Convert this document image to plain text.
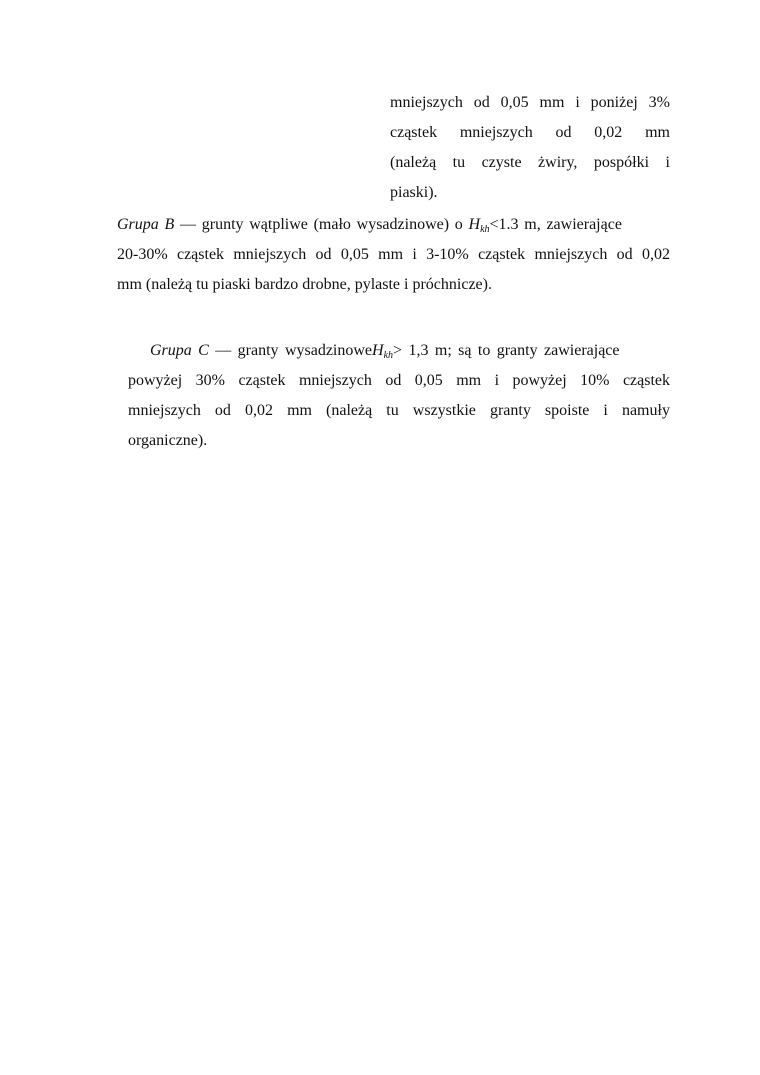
mniejszych od 0,05 mm i poniżej 3%
cząstek mniejszych od 0,02 mm
(należą tu czyste żwiry, pospółki i
piaski).
Grupa B — grunty wątpliwe (mało wysadzinowe) o $H_{kh}<1.3$ m, zawierające
20-30% cząstek mniejszych od 0,05 mm i 3-10% cząstek mniejszych od 0,02
mm (należą tu piaski bardzo drobne, pylaste i próchnicze).
Grupa C — granty wysadzinoweH$_{kh}$> 1,3 m; są to granty zawierające
powyżej 30% cząstek mniejszych od 0,05 mm i powyżej 10% cząstek
mniejszych od 0,02 mm (należą tu wszystkie granty spoiste i namuły
organiczne).
